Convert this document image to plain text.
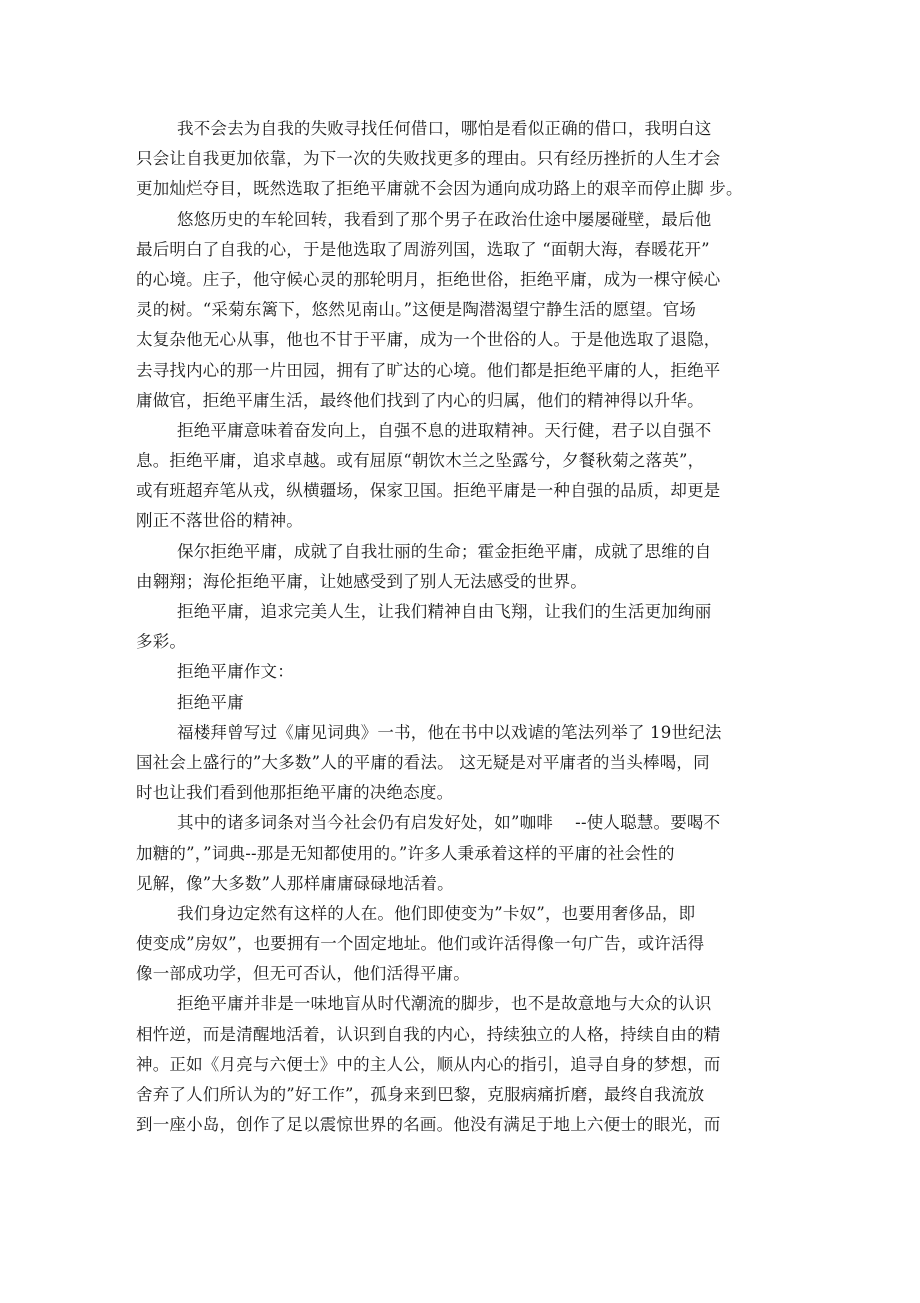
我不会去为自我的失败寻找任何借口，哪怕是看似正确的借口，我明白这
只会让自我更加依靠，为下一次的失败找更多的理由。只有经历挫折的人生才会
更加灿烂夺目，既然选取了拒绝平庸就不会因为通向成功路上的艰辛而停止脚 步。
悠悠历史的车轮回转，我看到了那个男子在政治仕途中屡屡碰壁，最后他
最后明白了自我的心，于是他选取了周游列国，选取了 “面朝大海，春暖花开”
的心境。庄子，他守候心灵的那轮明月，拒绝世俗，拒绝平庸，成为一棵守候心
灵的树。“采菊东篱下，悠然见南山。”这便是陶潜渴望宁静生活的愿望。官场
太复杂他无心从事，他也不甘于平庸，成为一个世俗的人。于是他选取了退隐，
去寻找内心的那一片田园，拥有了旷达的心境。他们都是拒绝平庸的人，拒绝平
庸做官，拒绝平庸生活，最终他们找到了内心的归属，他们的精神得以升华。
拒绝平庸意味着奋发向上，自强不息的进取精神。天行健，君子以自强不
息。拒绝平庸，追求卓越。或有屈原“朝饮木兰之坠露兮，夕餐秋菊之落英”，
或有班超弃笔从戎，纵横疆场，保家卫国。拒绝平庸是一种自强的品质，却更是
刚正不落世俗的精神。
保尔拒绝平庸，成就了自我壮丽的生命；霍金拒绝平庸，成就了思维的自
由翱翔；海伦拒绝平庸，让她感受到了别人无法感受的世界。
拒绝平庸，追求完美人生，让我们精神自由飞翔，让我们的生活更加绚丽
多彩。
拒绝平庸作文：
拒绝平庸
福楼拜曾写过《庸见词典》一书，他在书中以戏谑的笔法列举了 19世纪法
国社会上盛行的”大多数”人的平庸的看法。 这无疑是对平庸者的当头棒喝，同
时也让我们看到他那拒绝平庸的决绝态度。
其中的诸多词条对当今社会仍有启发好处，如”咖啡　 --使人聪慧。要喝不
加糖的”，”词典--那是无知都使用的。”许多人秉承着这样的平庸的社会性的
见解，像”大多数”人那样庸庸碌碌地活着。
我们身边定然有这样的人在。他们即使变为”卡奴”，也要用奢侈品，即
使变成”房奴”，也要拥有一个固定地址。他们或许活得像一句广告，或许活得
像一部成功学，但无可否认，他们活得平庸。
拒绝平庸并非是一味地盲从时代潮流的脚步，也不是故意地与大众的认识
相忤逆，而是清醒地活着，认识到自我的内心，持续独立的人格，持续自由的精
神。正如《月亮与六便士》中的主人公，顺从内心的指引，追寻自身的梦想，而
舍弃了人们所认为的”好工作”，孤身来到巴黎，克服病痛折磨，最终自我流放
到一座小岛，创作了足以震惊世界的名画。他没有满足于地上六便士的眼光，而
